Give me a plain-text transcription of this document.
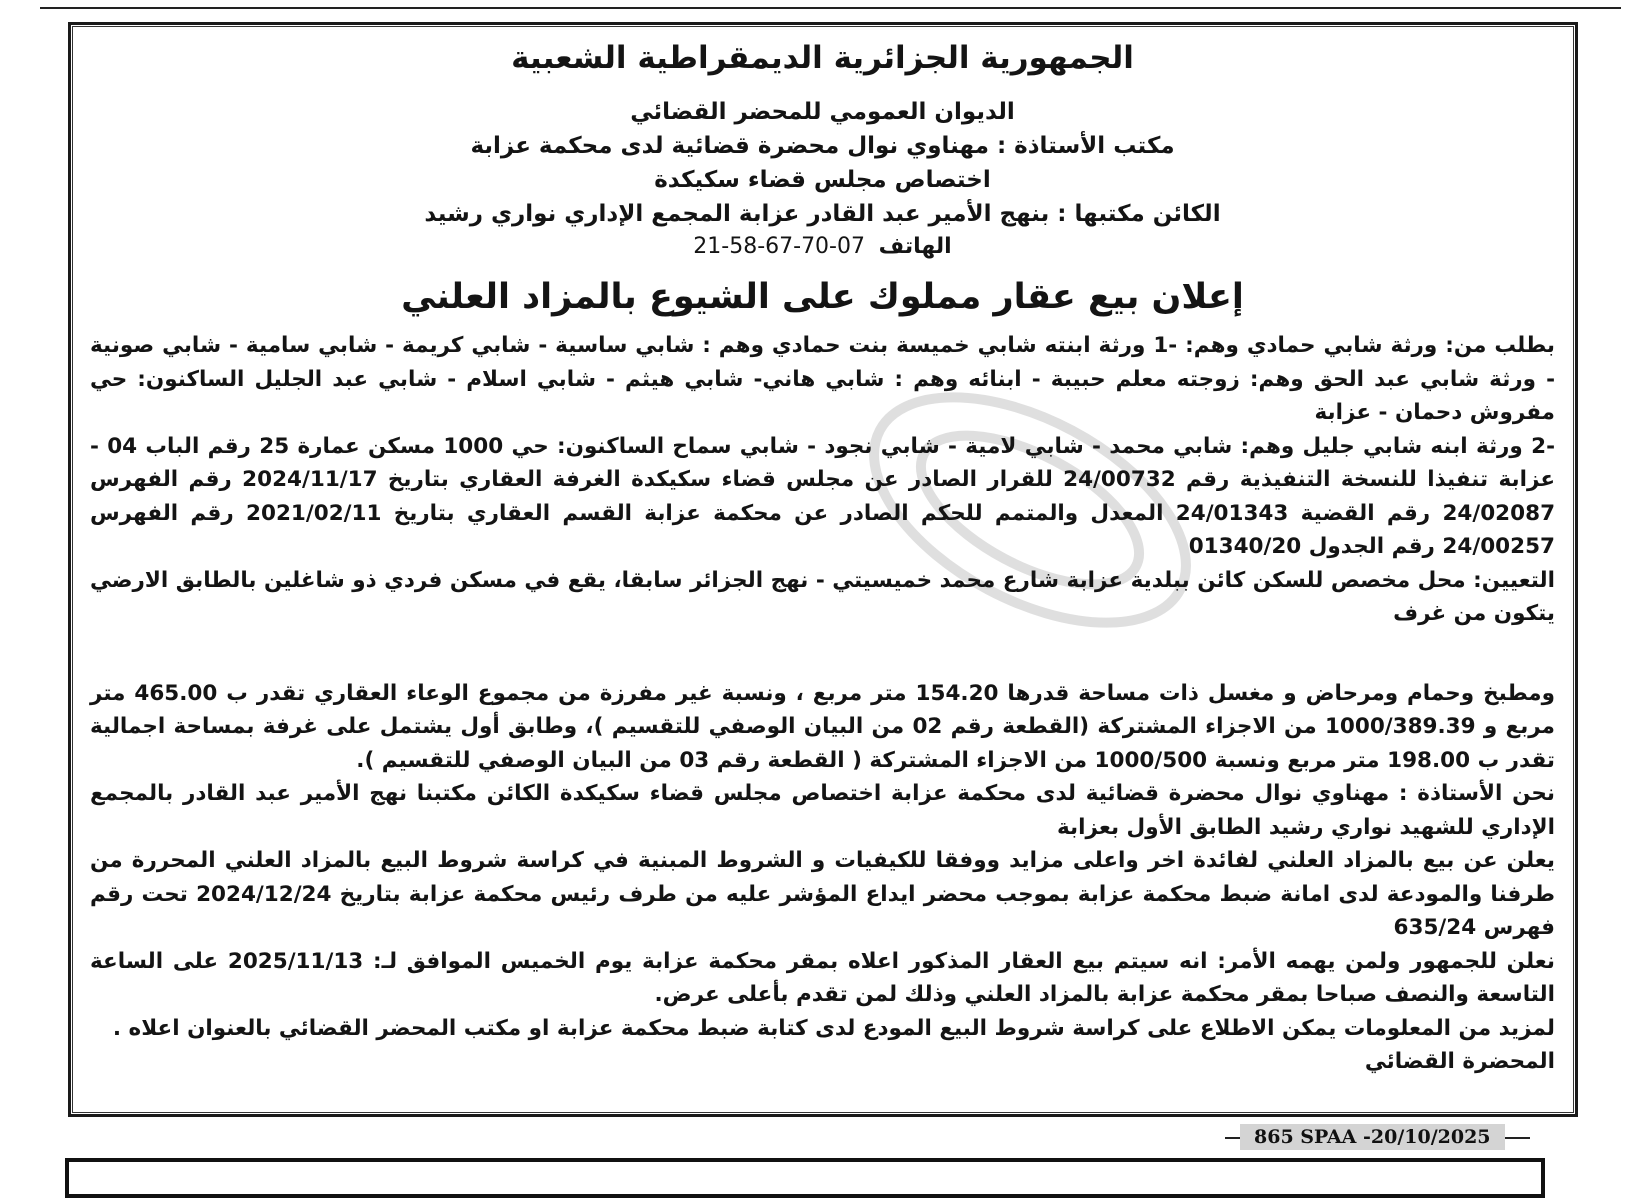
الجمهورية الجزائرية الديمقراطية الشعبية
الديوان العمومي للمحضر القضائي
مكتب الأستاذة : مهناوي نوال محضرة قضائية لدى محكمة عزابة
اختصاص مجلس قضاء سكيكدة
الكائن مكتبها : بنهج الأمير عبد القادر عزابة المجمع الإداري نواري رشيد
الهاتف 21-58-67-70-07
إعلان بيع عقار مملوك على الشيوع بالمزاد العلني

بطلب من: ورثة شابي حمادي وهم: -1 ورثة ابنته شابي خميسة بنت حمادي وهم : شابي ساسية - شابي كريمة - شابي سامية - شابي صونية - ورثة شابي عبد الحق وهم: زوجته معلم حبيبة - ابنائه وهم : شابي هاني- شابي هيثم - شابي اسلام - شابي عبد الجليل الساكنون: حي مفروش دحمان - عزابة

-2 ورثة ابنه شابي جليل وهم: شابي محمد - شابي لامية - شابي نجود - شابي سماح الساكنون: حي 1000 مسكن عمارة 25 رقم الباب 04 - عزابة تنفيذا للنسخة التنفيذية رقم 24/00732 للقرار الصادر عن مجلس قضاء سكيكدة الغرفة العقاري بتاريخ 2024/11/17 رقم الفهرس 24/02087 رقم القضية 24/01343 المعدل والمتمم للحكم الصادر عن محكمة عزابة القسم العقاري بتاريخ 2021/02/11 رقم الفهرس 24/00257 رقم الجدول 01340/20

التعيين: محل مخصص للسكن كائن ببلدية عزابة شارع محمد خميسيتي - نهج الجزائر سابقا، يقع في مسكن فردي ذو شاغلين بالطابق الارضي يتكون من غرف

ومطبخ وحمام ومرحاض و مغسل ذات مساحة قدرها 154.20 متر مربع ، ونسبة غير مفرزة من مجموع الوعاء العقاري تقدر ب 465.00 متر مربع و 1000/389.39 من الاجزاء المشتركة (القطعة رقم 02 من البيان الوصفي للتقسيم )، وطابق أول يشتمل على غرفة بمساحة اجمالية تقدر ب 198.00 متر مربع ونسبة 1000/500 من الاجزاء المشتركة ( القطعة رقم 03 من البيان الوصفي للتقسيم ).

نحن الأستاذة : مهناوي نوال محضرة قضائية لدى محكمة عزابة اختصاص مجلس قضاء سكيكدة الكائن مكتبنا نهج الأمير عبد القادر بالمجمع الإداري للشهيد نواري رشيد الطابق الأول بعزابة

يعلن عن بيع بالمزاد العلني لفائدة اخر واعلى مزايد ووفقا للكيفيات و الشروط المبنية في كراسة شروط البيع بالمزاد العلني المحررة من طرفنا والمودعة لدى امانة ضبط محكمة عزابة بموجب محضر ايداع المؤشر عليه من طرف رئيس محكمة عزابة بتاريخ 2024/12/24 تحت رقم فهرس 635/24

نعلن للجمهور ولمن يهمه الأمر: انه سيتم بيع العقار المذكور اعلاه بمقر محكمة عزابة يوم الخميس الموافق لـ: 2025/11/13 على الساعة التاسعة والنصف صباحا بمقر محكمة عزابة بالمزاد العلني وذلك لمن تقدم بأعلى عرض.

لمزيد من المعلومات يمكن الاطلاع على كراسة شروط البيع المودع لدى كتابة ضبط محكمة عزابة او مكتب المحضر القضائي بالعنوان اعلاه .

المحضرة القضائي
865 SPAA -20/10/2025
